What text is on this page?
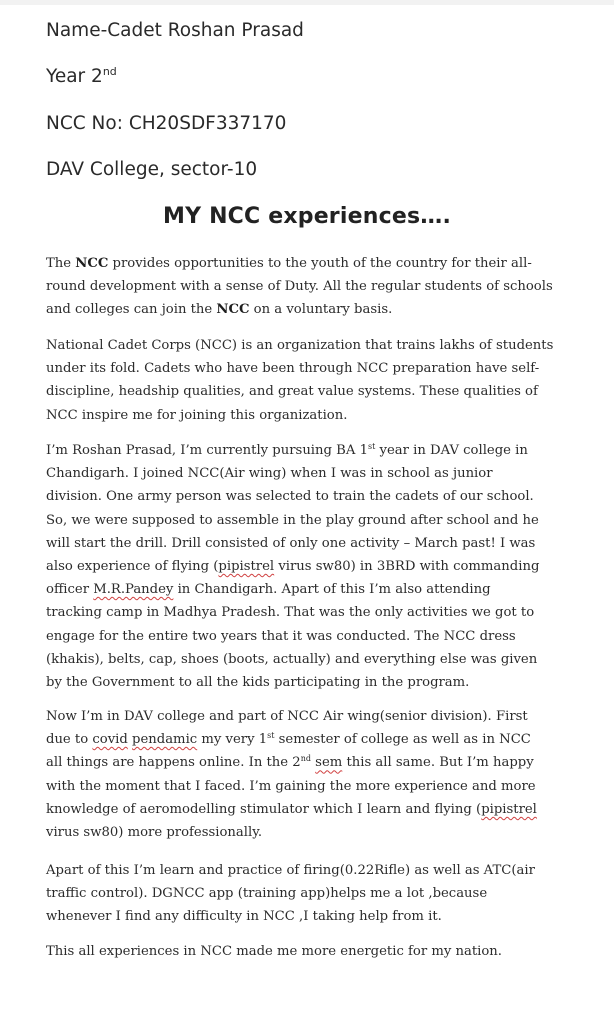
Name-Cadet Roshan Prasad
Year 2nd
NCC No: CH20SDF337170
DAV College, sector-10
MY NCC experiences….

The NCC provides opportunities to the youth of the country for their all-

round development with a sense of Duty. All the regular students of schools

and colleges can join the NCC on a voluntary basis.

National Cadet Corps (NCC) is an organization that trains lakhs of students

under its fold. Cadets who have been through NCC preparation have self-

discipline, headship qualities, and great value systems. These qualities of

NCC inspire me for joining this organization.

I’m Roshan Prasad, I’m currently pursuing BA 1st year in DAV college in

Chandigarh. I joined NCC(Air wing) when I was in school as junior

division. One army person was selected to train the cadets of our school.

So, we were supposed to assemble in the play ground after school and he

will start the drill. Drill consisted of only one activity – March past! I was

also experience of flying (pipistrel virus sw80) in 3BRD with commanding

officer M.R.Pandey in Chandigarh. Apart of this I’m also attending

tracking camp in Madhya Pradesh. That was the only activities we got to

engage for the entire two years that it was conducted. The NCC dress

(khakis), belts, cap, shoes (boots, actually) and everything else was given

by the Government to all the kids participating in the program.

Now I’m in DAV college and part of NCC Air wing(senior division). First

due to covid pendamic my very 1st semester of college as well as in NCC

all things are happens online. In the 2nd sem this all same. But I’m happy

with the moment that I faced. I’m gaining the more experience and more

knowledge of aeromodelling stimulator which I learn and flying (pipistrel

virus sw80) more professionally.

Apart of this I’m learn and practice of firing(0.22Rifle) as well as ATC(air

traffic control). DGNCC app (training app)helps me a lot ,because

whenever I find any difficulty in NCC ,I taking help from it.

This all experiences in NCC made me more energetic for my nation.
